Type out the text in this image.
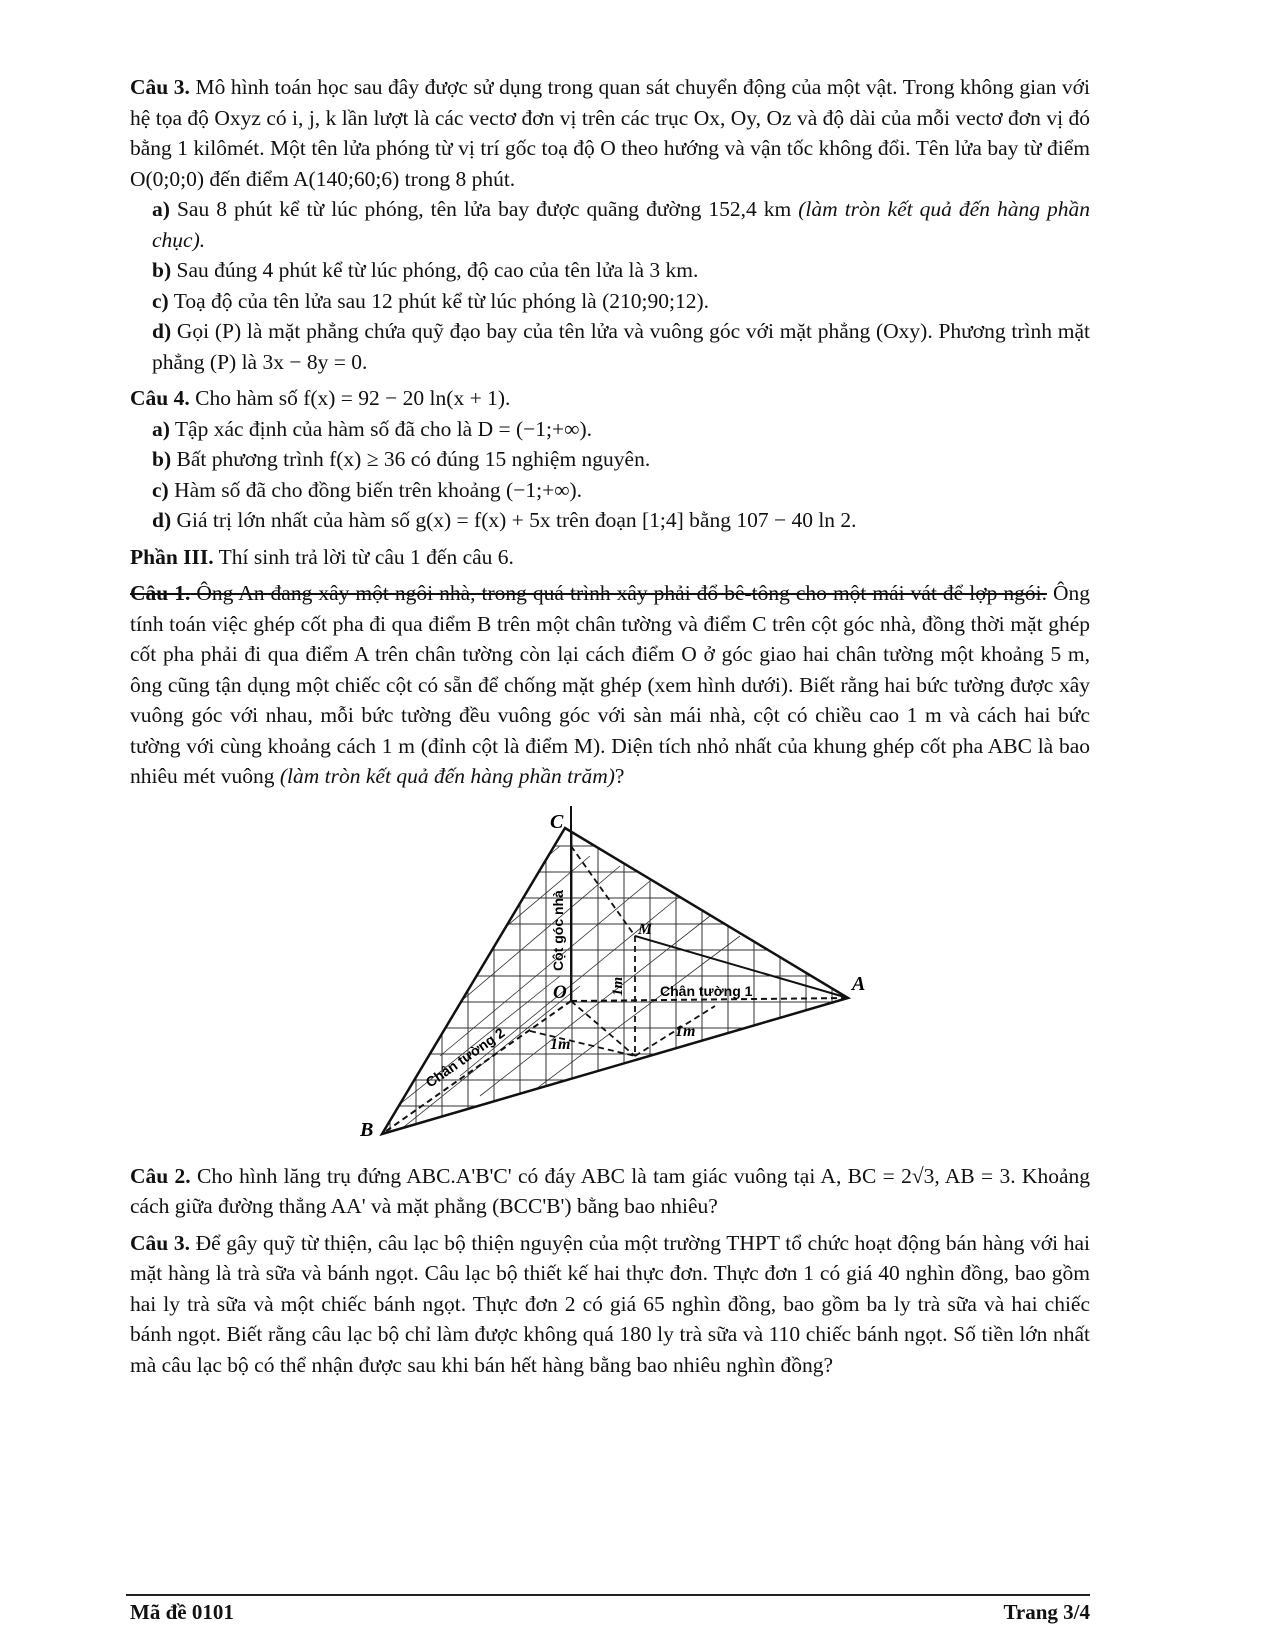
Câu 3. Mô hình toán học sau đây được sử dụng trong quan sát chuyển động của một vật. Trong không gian với hệ tọa độ Oxyz có i, j, k lần lượt là các vectơ đơn vị trên các trục Ox, Oy, Oz và độ dài của mỗi vectơ đơn vị đó bằng 1 kilômét. Một tên lửa phóng từ vị trí gốc toạ độ O theo hướng và vận tốc không đổi. Tên lửa bay từ điểm O(0;0;0) đến điểm A(140;60;6) trong 8 phút.

a) Sau 8 phút kể từ lúc phóng, tên lửa bay được quãng đường 152,4 km (làm tròn kết quả đến hàng phần chục).

b) Sau đúng 4 phút kể từ lúc phóng, độ cao của tên lửa là 3 km.

c) Toạ độ của tên lửa sau 12 phút kể từ lúc phóng là (210;90;12).

d) Gọi (P) là mặt phẳng chứa quỹ đạo bay của tên lửa và vuông góc với mặt phẳng (Oxy). Phương trình mặt phẳng (P) là 3x − 8y = 0.

Câu 4. Cho hàm số f(x) = 92 − 20 ln(x + 1).

a) Tập xác định của hàm số đã cho là D = (−1;+∞).

b) Bất phương trình f(x) ≥ 36 có đúng 15 nghiệm nguyên.

c) Hàm số đã cho đồng biến trên khoảng (−1;+∞).

d) Giá trị lớn nhất của hàm số g(x) = f(x) + 5x trên đoạn [1;4] bằng 107 − 40 ln 2.

Phần III. Thí sinh trả lời từ câu 1 đến câu 6.

Câu 1. Ông An đang xây một ngôi nhà, trong quá trình xây phải đổ bê-tông cho một mái vát để lợp ngói. Ông tính toán việc ghép cốt pha đi qua điểm B trên một chân tường và điểm C trên cột góc nhà, đồng thời mặt ghép cốt pha phải đi qua điểm A trên chân tường còn lại cách điểm O ở góc giao hai chân tường một khoảng 5 m, ông cũng tận dụng một chiếc cột có sẵn để chống mặt ghép (xem hình dưới). Biết rằng hai bức tường được xây vuông góc với nhau, mỗi bức tường đều vuông góc với sàn mái nhà, cột có chiều cao 1 m và cách hai bức tường với cùng khoảng cách 1 m (đỉnh cột là điểm M). Diện tích nhỏ nhất của khung ghép cốt pha ABC là bao nhiêu mét vuông (làm tròn kết quả đến hàng phần trăm)?

C
A
B
O
M
1m
1m
1m
Cột góc nhà
Chân tường 1
Chân tường 2

Câu 2. Cho hình lăng trụ đứng ABC.A'B'C' có đáy ABC là tam giác vuông tại A, BC = 2√3, AB = 3. Khoảng cách giữa đường thẳng AA' và mặt phẳng (BCC'B') bằng bao nhiêu?

Câu 3. Để gây quỹ từ thiện, câu lạc bộ thiện nguyện của một trường THPT tổ chức hoạt động bán hàng với hai mặt hàng là trà sữa và bánh ngọt. Câu lạc bộ thiết kế hai thực đơn. Thực đơn 1 có giá 40 nghìn đồng, bao gồm hai ly trà sữa và một chiếc bánh ngọt. Thực đơn 2 có giá 65 nghìn đồng, bao gồm ba ly trà sữa và hai chiếc bánh ngọt. Biết rằng câu lạc bộ chỉ làm được không quá 180 ly trà sữa và 110 chiếc bánh ngọt. Số tiền lớn nhất mà câu lạc bộ có thể nhận được sau khi bán hết hàng bằng bao nhiêu nghìn đồng?

Mã đề 0101	Trang 3/4
